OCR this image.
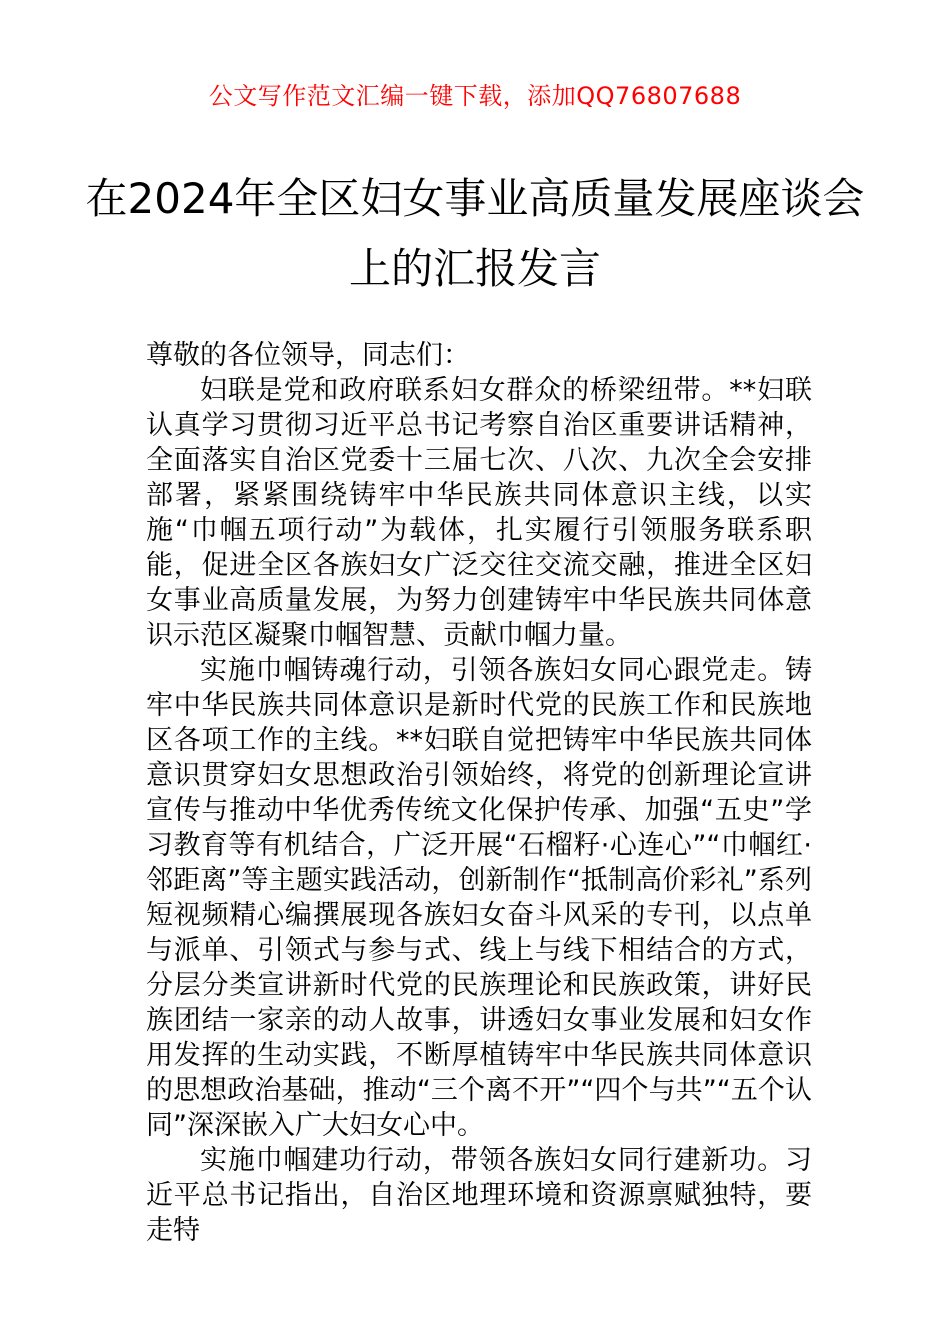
公文写作范文汇编一键下载，添加QQ76807688
在2024年全区妇女事业高质量发展座谈会
上的汇报发言

尊敬的各位领导，同志们：

妇联是党和政府联系妇女群众的桥梁纽带。**妇联认真学习贯彻习近平总书记考察自治区重要讲话精神，全面落实自治区党委十三届七次、八次、九次全会安排部署，紧紧围绕铸牢中华民族共同体意识主线，以实施“巾帼五项行动”为载体，扎实履行引领服务联系职能，促进全区各族妇女广泛交往交流交融，推进全区妇女事业高质量发展，为努力创建铸牢中华民族共同体意识示范区凝聚巾帼智慧、贡献巾帼力量。

实施巾帼铸魂行动，引领各族妇女同心跟党走。铸牢中华民族共同体意识是新时代党的民族工作和民族地区各项工作的主线。**妇联自觉把铸牢中华民族共同体意识贯穿妇女思想政治引领始终，将党的创新理论宣讲宣传与推动中华优秀传统文化保护传承、加强“五史”学习教育等有机结合，广泛开展“石榴籽·心连心”“巾帼红·邻距离”等主题实践活动，创新制作“抵制高价彩礼”系列短视频精心编撰展现各族妇女奋斗风采的专刊，以点单与派单、引领式与参与式、线上与线下相结合的方式，分层分类宣讲新时代党的民族理论和民族政策，讲好民族团结一家亲的动人故事，讲透妇女事业发展和妇女作用发挥的生动实践，不断厚植铸牢中华民族共同体意识的思想政治基础，推动“三个离不开”“四个与共”“五个认同”深深嵌入广大妇女心中。

实施巾帼建功行动，带领各族妇女同行建新功。习近平总书记指出，自治区地理环境和资源禀赋独特，要走特
